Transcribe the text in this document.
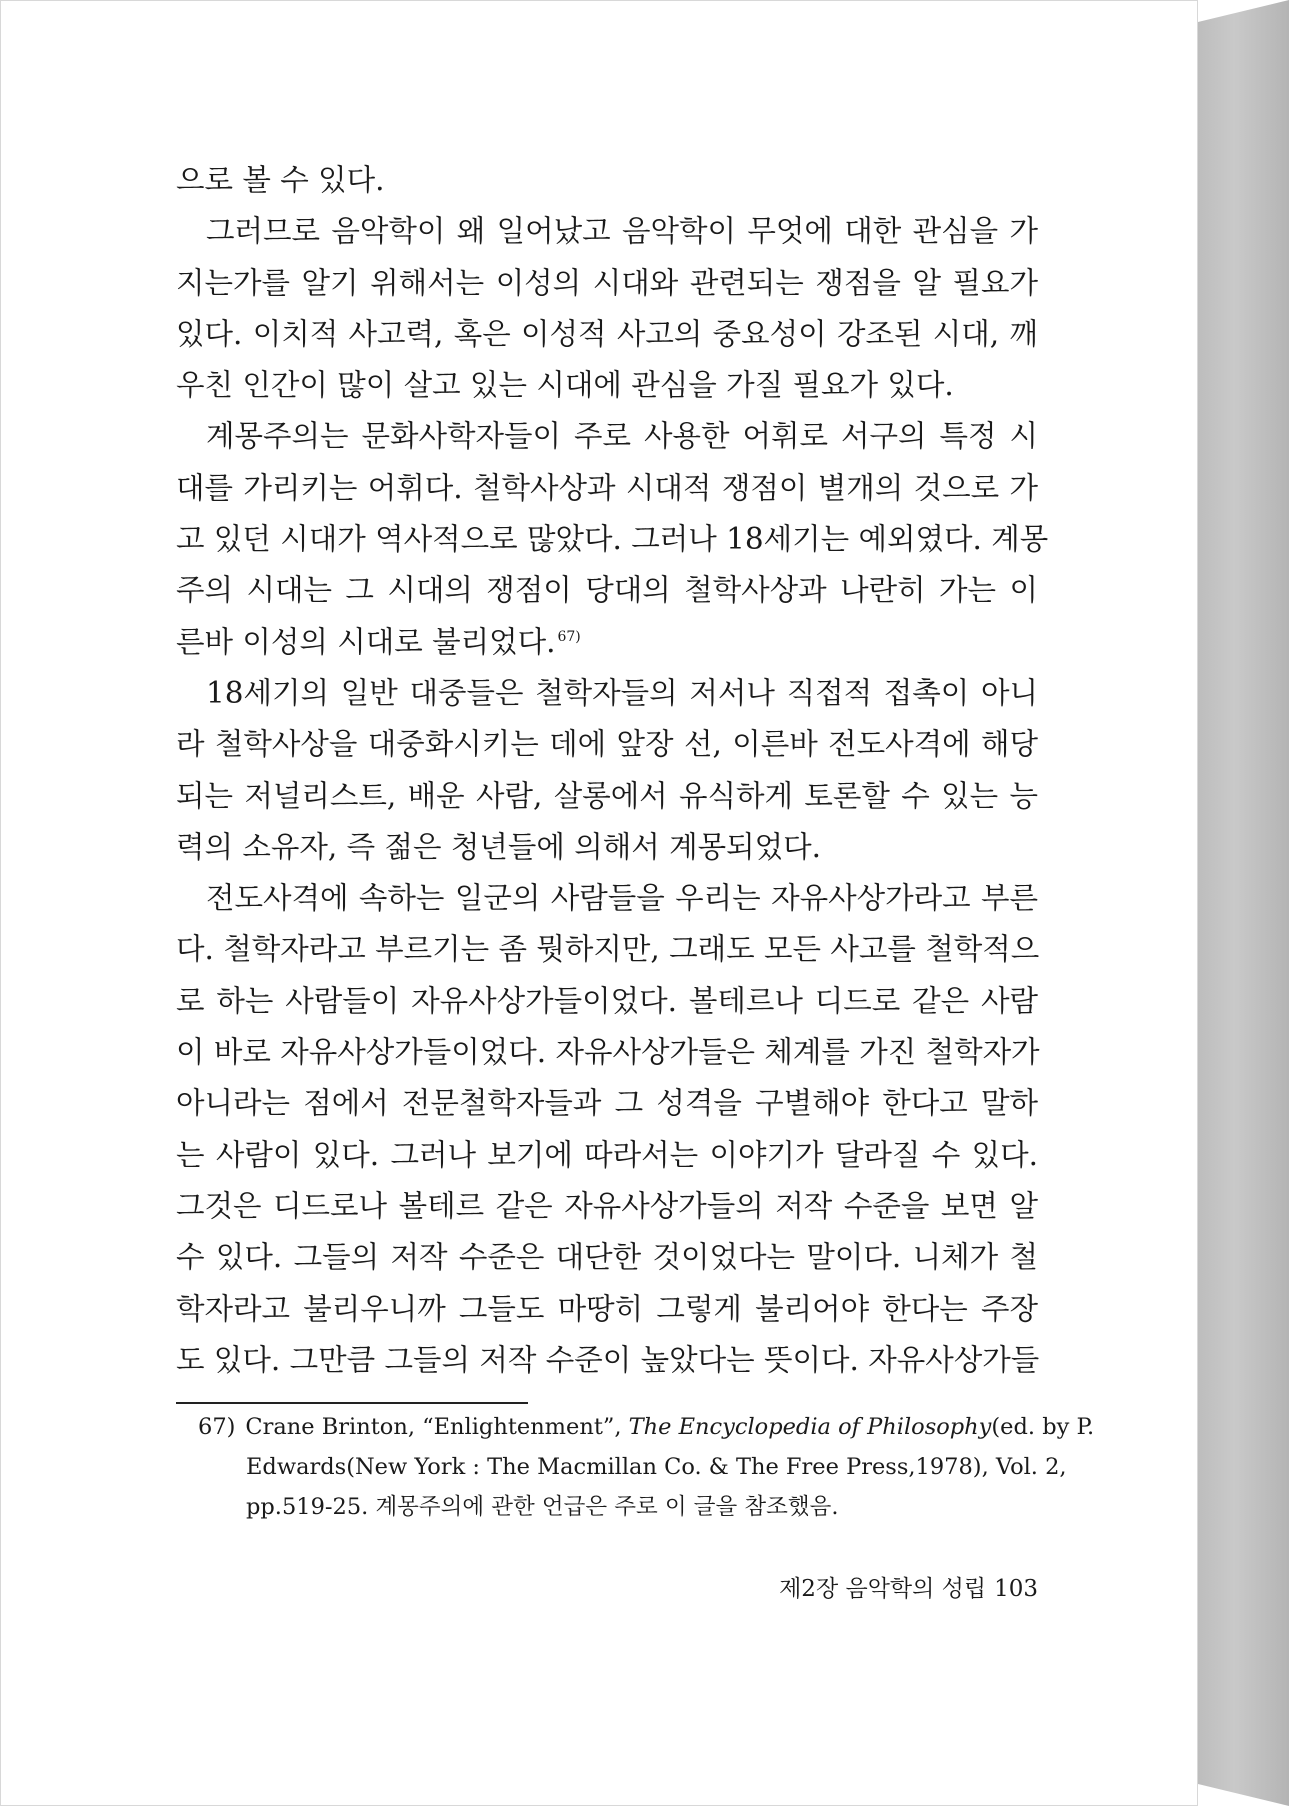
으로 볼 수 있다.
그러므로 음악학이 왜 일어났고 음악학이 무엇에 대한 관심을 가
지는가를 알기 위해서는 이성의 시대와 관련되는 쟁점을 알 필요가
있다. 이치적 사고력, 혹은 이성적 사고의 중요성이 강조된 시대, 깨
우친 인간이 많이 살고 있는 시대에 관심을 가질 필요가 있다.
계몽주의는 문화사학자들이 주로 사용한 어휘로 서구의 특정 시
대를 가리키는 어휘다. 철학사상과 시대적 쟁점이 별개의 것으로 가
고 있던 시대가 역사적으로 많았다. 그러나 18세기는 예외였다. 계몽
주의 시대는 그 시대의 쟁점이 당대의 철학사상과 나란히 가는 이
른바 이성의 시대로 불리었다. $^{67)}$
18세기의 일반 대중들은 철학자들의 저서나 직접적 접촉이 아니
라 철학사상을 대중화시키는 데에 앞장 선, 이른바 전도사격에 해당
되는 저널리스트, 배운 사람, 살롱에서 유식하게 토론할 수 있는 능
력의 소유자, 즉 젊은 청년들에 의해서 계몽되었다.
전도사격에 속하는 일군의 사람들을 우리는 자유사상가라고 부른
다. 철학자라고 부르기는 좀 뭣하지만, 그래도 모든 사고를 철학적으
로 하는 사람들이 자유사상가들이었다. 볼테르나 디드로 같은 사람
이 바로 자유사상가들이었다. 자유사상가들은 체계를 가진 철학자가
아니라는 점에서 전문철학자들과 그 성격을 구별해야 한다고 말하
는 사람이 있다. 그러나 보기에 따라서는 이야기가 달라질 수 있다.
그것은 디드로나 볼테르 같은 자유사상가들의 저작 수준을 보면 알
수 있다. 그들의 저작 수준은 대단한 것이었다는 말이다. 니체가 철
학자라고 불리우니까 그들도 마땅히 그렇게 불리어야 한다는 주장
도 있다. 그만큼 그들의 저작 수준이 높았다는 뜻이다. 자유사상가들
67) Crane Brinton, “Enlightenment”, The Encyclopedia of Philosophy(ed. by P.
Edwards(New York : The Macmillan Co. & The Free Press,1978), Vol. 2,
pp.519-25. 계몽주의에 관한 언급은 주로 이 글을 참조했음.
제2장 음악학의 성립 103
